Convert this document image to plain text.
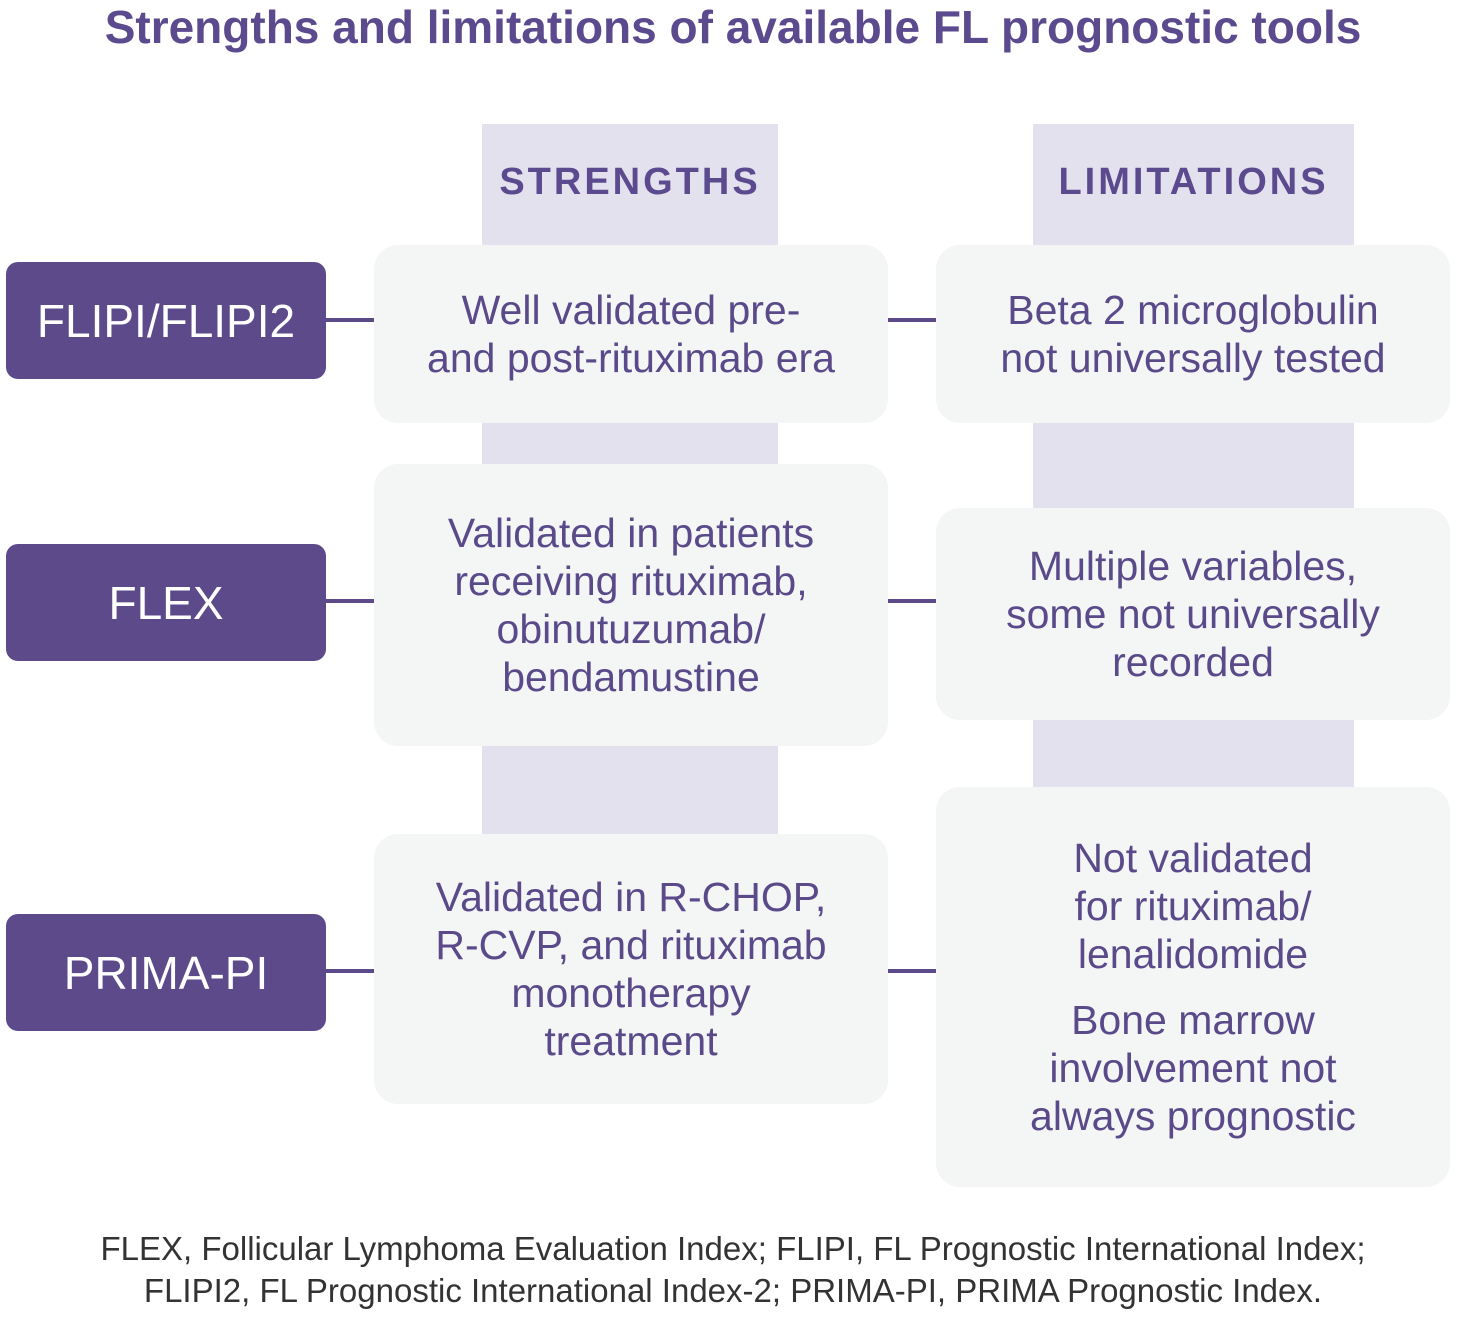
Strengths and limitations of available FL prognostic tools
STRENGTHS	LIMITATIONS
FLIPI/FLIPI2	Well validated pre-
and post-rituximab era
Beta 2 microglobulin
not universally tested
FLEX
Validated in patients
receiving rituximab,
obinutuzumab/
bendamustine
Multiple variables,
some not universally
recorded
PRIMA-PI
Validated in R-CHOP,
R-CVP, and rituximab
monotherapy
treatment
Not validated
for rituximab/
lenalidomide
Bone marrow
involvement not
always prognostic
FLEX, Follicular Lymphoma Evaluation Index; FLIPI, FL Prognostic International Index;
FLIPI2, FL Prognostic International Index-2; PRIMA-PI, PRIMA Prognostic Index.
